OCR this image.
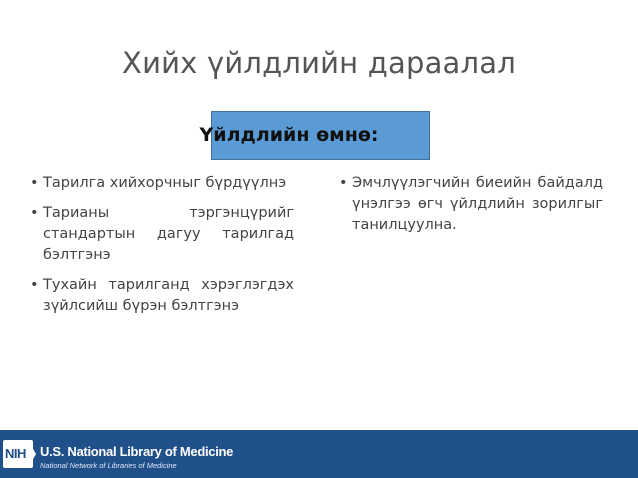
Хийх үйлдлийн дараалал
Үйлдлийн өмнө:
• Тарилга хийхорчныг бүрдүүлнэ
• Тарианы тэргэнцүрийг стандартын дагуу тарилгад бэлтгэнэ
• Тухайн тарилганд хэрэглэгдэх зүйлсийш бүрэн бэлтгэнэ
• Эмчлүүлэгчийн биеийн байдалд үнэлгээ өгч үйлдлийн зорилгыг танилцуулна.
NIH U.S. National Library of Medicine
National Network of Libraries of Medicine
